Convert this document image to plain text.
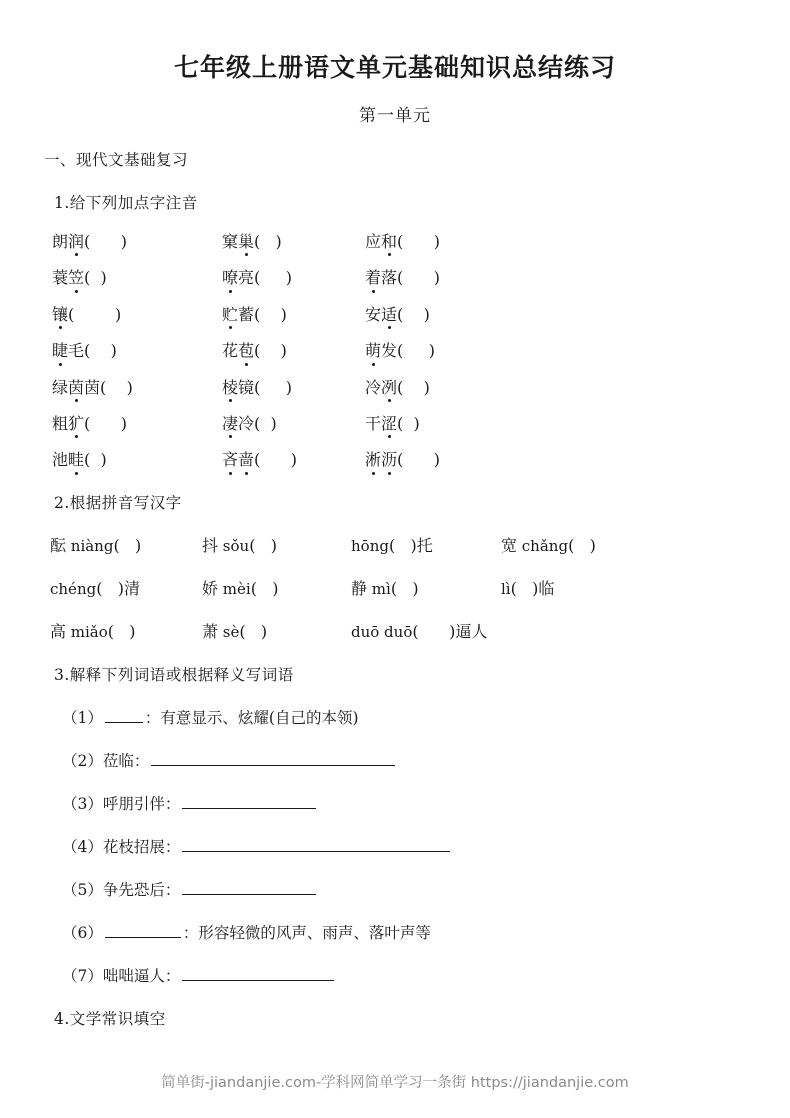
七年级上册语文单元基础知识总结练习
第一单元
一、现代文基础复习
1.给下列加点字注音
朗 润 (      )	窠 巢 (   )	应 和 (      )
蓑 笠 (  )	嘹 亮 (     )	着 落 (      )
镶 (        )	贮 蓄 (    )	安 适 (    )
睫 毛 (    )	花 苞 (    )	萌 发 (     )
绿 茵 茵 (    )	棱 镜 (     )	冷 冽 (    )
粗 犷 (      )	凄 冷 (  )	干 涩 (  )
池 畦 (  )	吝 啬 (      )	淅 沥 (      )
2.根据拼音写汉字
酝 niàng(   )	抖 sǒu(   )	hōng(   )托	宽 chǎng(   )
chéng(   )清	娇 mèi(   )	静 mì(   )	lì(   )临
高 miǎo(   )	萧 sè(   )	duō duō(      )逼人
3.解释下列词语或根据释义写词语
（1）	： 有意显示、炫耀(自己的本领)
（2） 莅临：
（3） 呼朋引伴：
（4） 花枝招展：
（5） 争先恐后：
（6）	： 形容轻微的风声、雨声、落叶声等
（7） 咄咄逼人：
4.文学常识填空
简单街-jiandanjie.com-学科网简单学习一条街 https://jiandanjie.com
